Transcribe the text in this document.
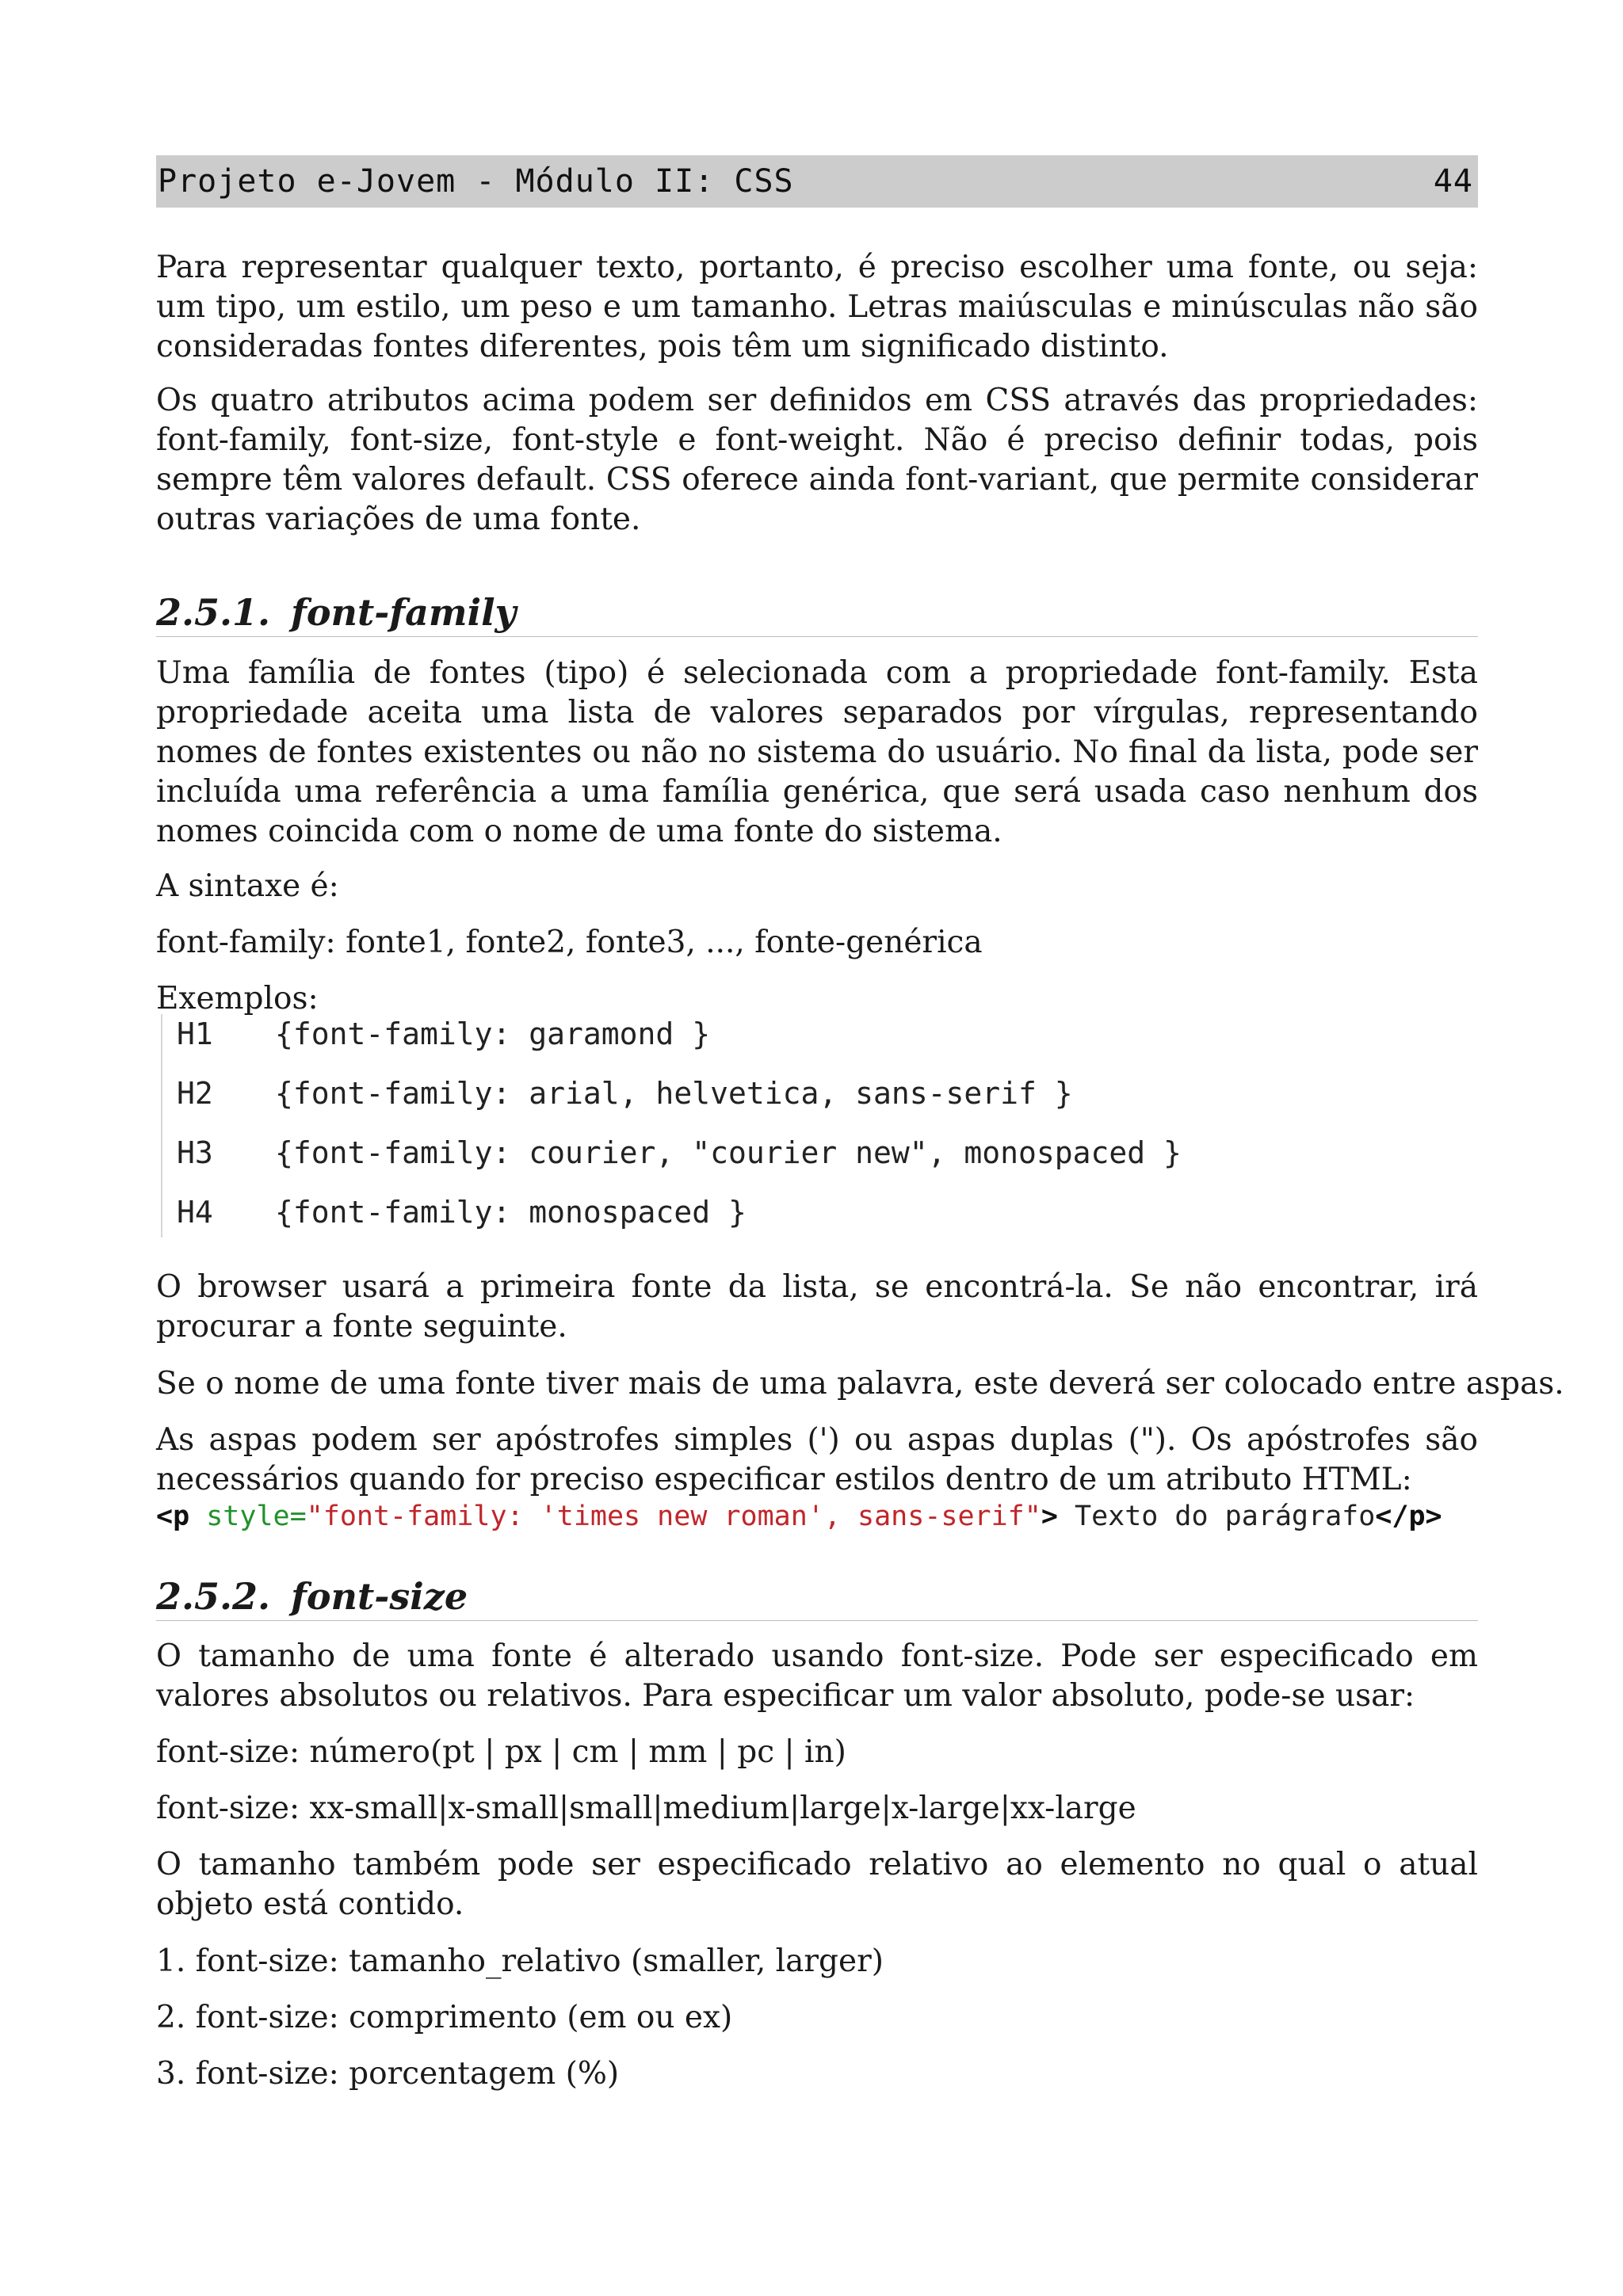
Projeto e-Jovem - Módulo II: CSS	44

Para representar qualquer texto, portanto, é preciso escolher uma fonte, ou seja: um tipo, um estilo, um peso e um tamanho. Letras maiúsculas e minúsculas não são consideradas fontes diferentes, pois têm um significado distinto.

Os quatro atributos acima podem ser definidos em CSS através das propriedades: font-family, font-size, font-style e font-weight. Não é preciso definir todas, pois sempre têm valores default. CSS oferece ainda font-variant, que permite considerar outras variações de uma fonte.

2.5.1. font-family

Uma família de fontes (tipo) é selecionada com a propriedade font-family. Esta propriedade aceita uma lista de valores separados por vírgulas, representando nomes de fontes existentes ou não no sistema do usuário. No final da lista, pode ser incluída uma referência a uma família genérica, que será usada caso nenhum dos nomes coincida com o nome de uma fonte do sistema.

A sintaxe é:

font-family: fonte1, fonte2, fonte3, ..., fonte-genérica

Exemplos:

H1 {font-family: garamond }
H2 {font-family: arial, helvetica, sans-serif }
H3 {font-family: courier, "courier new", monospaced }
H4 {font-family: monospaced }

O browser usará a primeira fonte da lista, se encontrá-la. Se não encontrar, irá procurar a fonte seguinte.

Se o nome de uma fonte tiver mais de uma palavra, este deverá ser colocado entre aspas.

As aspas podem ser apóstrofes simples (') ou aspas duplas ("). Os apóstrofes são necessários quando for preciso especificar estilos dentro de um atributo HTML:

<p style="font-family: 'times new roman', sans-serif"> Texto do parágrafo</p>
2.5.2. font-size

O tamanho de uma fonte é alterado usando font-size. Pode ser especificado em valores absolutos ou relativos. Para especificar um valor absoluto, pode-se usar:

font-size: número(pt | px | cm | mm | pc | in)

font-size: xx-small|x-small|small|medium|large|x-large|xx-large

O tamanho também pode ser especificado relativo ao elemento no qual o atual objeto está contido.

1. font-size: tamanho_relativo (smaller, larger)

2. font-size: comprimento (em ou ex)

3. font-size: porcentagem (%)
